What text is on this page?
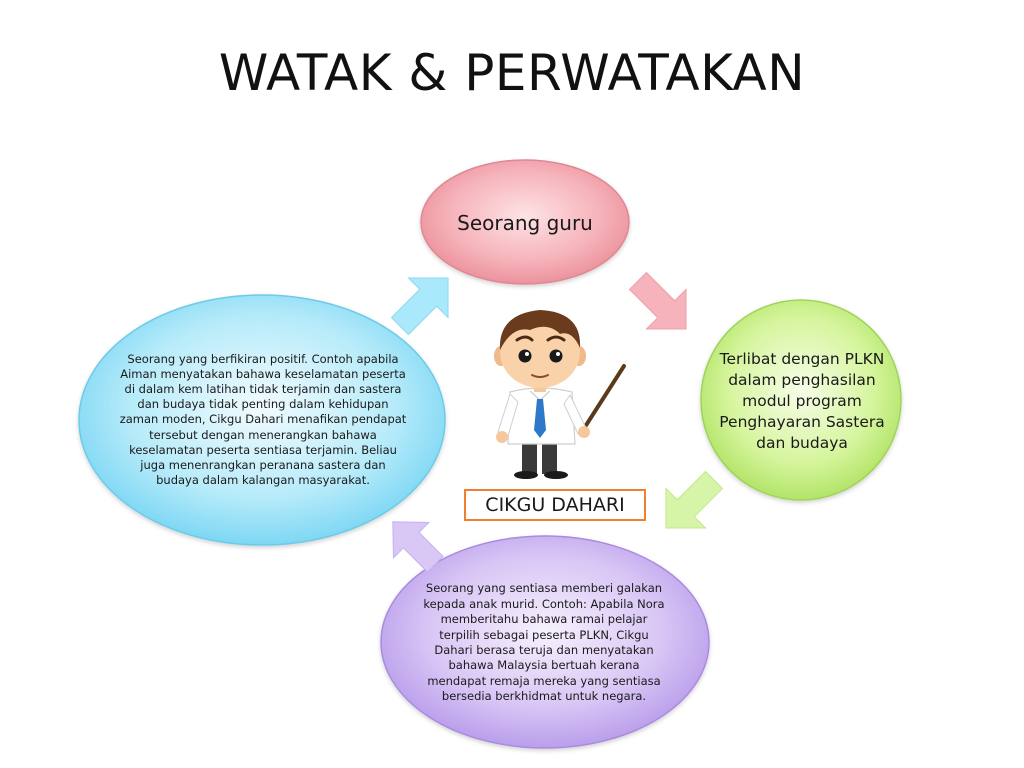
WATAK & PERWATAKAN
Seorang guru
Terlibat dengan PLKN dalam penghasilan modul program Penghayaran Sastera dan budaya
Seorang yang berfikiran positif. Contoh apabila Aiman menyatakan bahawa keselamatan peserta di dalam kem latihan tidak terjamin dan sastera dan budaya tidak penting dalam kehidupan zaman moden, Cikgu Dahari menafikan pendapat tersebut dengan menerangkan bahawa keselamatan peserta sentiasa terjamin. Beliau juga menenrangkan peranana sastera dan budaya dalam kalangan masyarakat.
Seorang yang sentiasa memberi galakan kepada anak murid. Contoh: Apabila Nora memberitahu bahawa ramai pelajar terpilih sebagai peserta PLKN, Cikgu Dahari berasa teruja dan menyatakan bahawa Malaysia bertuah kerana mendapat remaja mereka yang sentiasa bersedia berkhidmat untuk negara.
CIKGU DAHARI
